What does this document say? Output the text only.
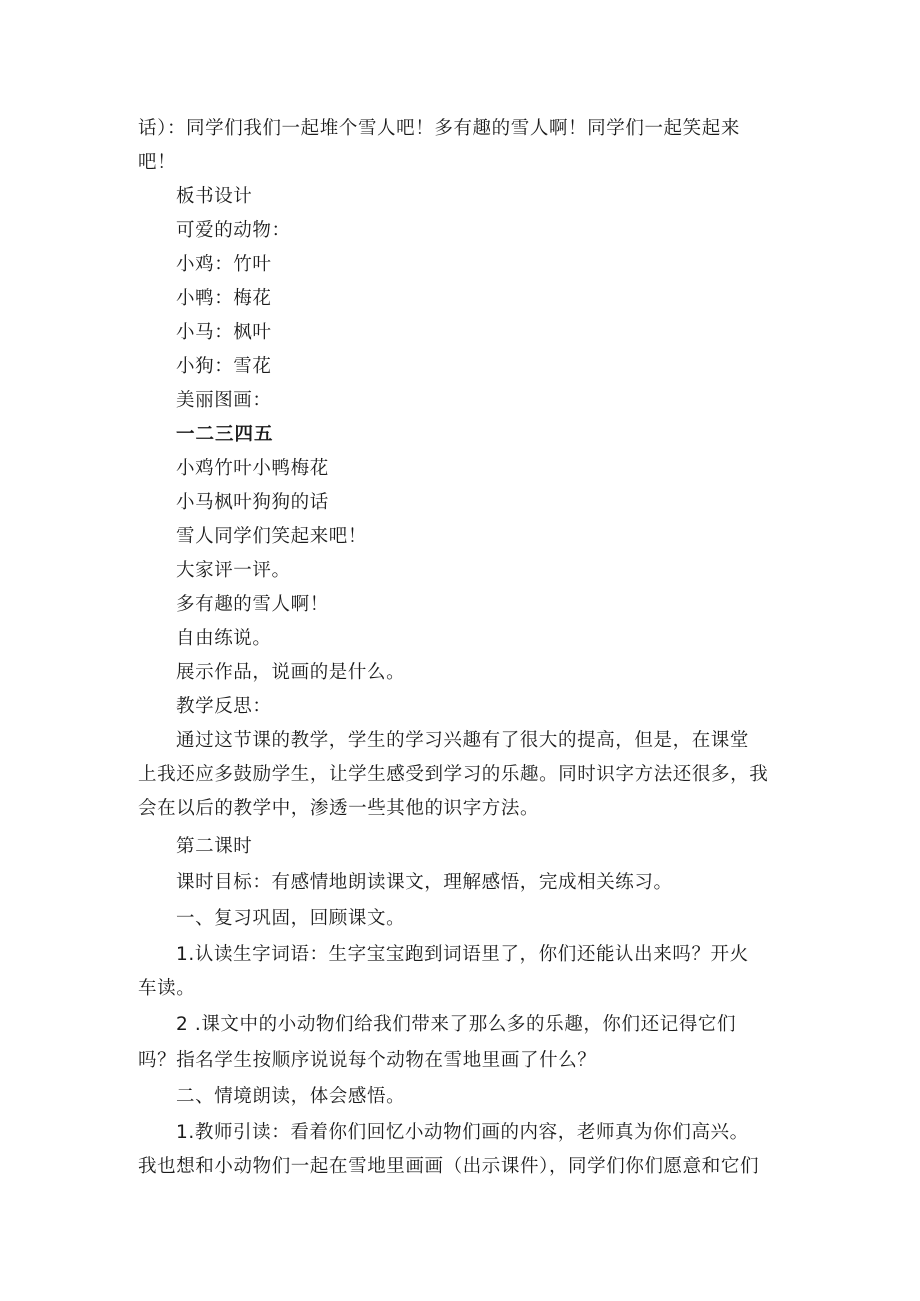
话）：同学们我们一起堆个雪人吧！多有趣的雪人啊！同学们一起笑起来
吧！
板书设计
可爱的动物：
小鸡：竹叶
小鸭：梅花
小马：枫叶
小狗：雪花
美丽图画：
一二三四五
小鸡竹叶小鸭梅花
小马枫叶狗狗的话
雪人同学们笑起来吧！
大家评一评。
多有趣的雪人啊！
自由练说。
展示作品，说画的是什么。
教学反思：
通过这节课的教学，学生的学习兴趣有了很大的提高，但是，在课堂
上我还应多鼓励学生，让学生感受到学习的乐趣。同时识字方法还很多，我
会在以后的教学中，渗透一些其他的识字方法。
第二课时
课时目标：有感情地朗读课文，理解感悟，完成相关练习。
一、复习巩固，回顾课文。
1.认读生字词语：生字宝宝跑到词语里了，你们还能认出来吗？开火
车读。
2 .课文中的小动物们给我们带来了那么多的乐趣，你们还记得它们
吗？指名学生按顺序说说每个动物在雪地里画了什么？
二、情境朗读，体会感悟。
1.教师引读：看着你们回忆小动物们画的内容，老师真为你们高兴。
我也想和小动物们一起在雪地里画画（出示课件），同学们你们愿意和它们
